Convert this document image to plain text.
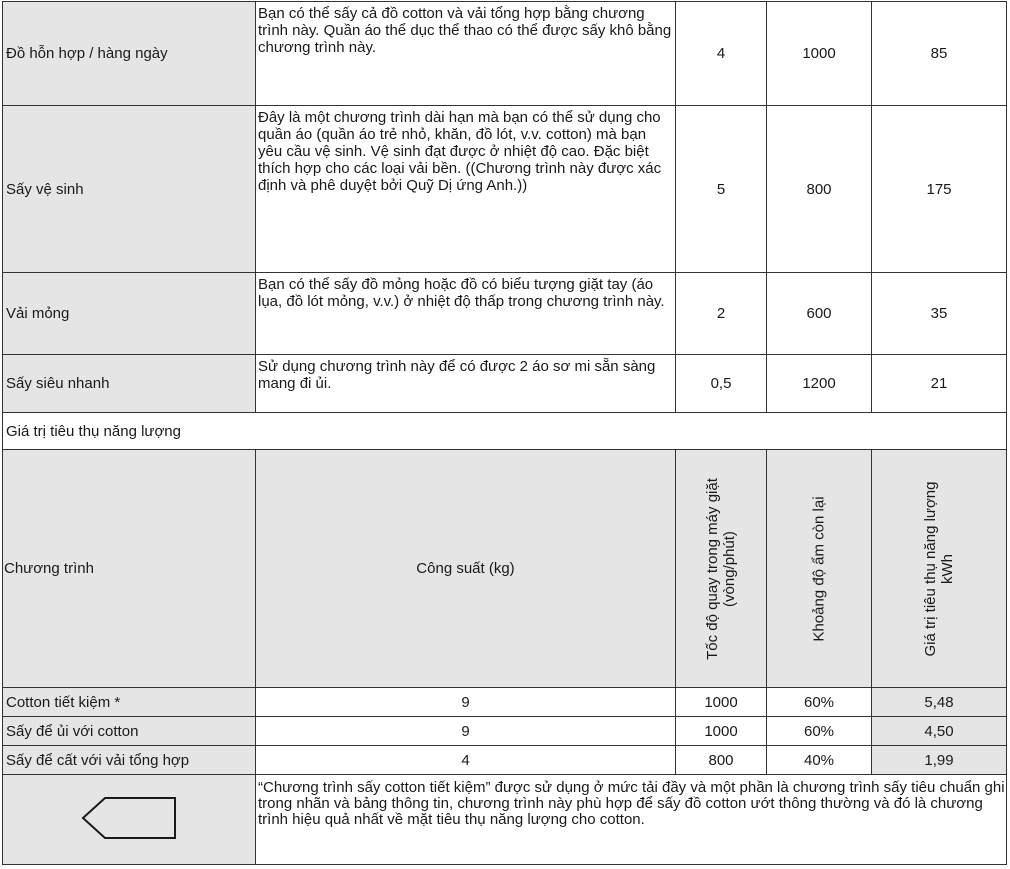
Đồ hỗn hợp / hàng ngày	Bạn có thể sấy cả đồ cotton và vải tổng hợp bằng chương trình này. Quần áo thể dục thể thao có thể được sấy khô bằng chương trình này.	4	1000	85
Sấy vệ sinh	Đây là một chương trình dài hạn mà bạn có thể sử dụng cho quần áo (quần áo trẻ nhỏ, khăn, đồ lót, v.v. cotton) mà bạn yêu cầu vệ sinh. Vệ sinh đạt được ở nhiệt độ cao. Đặc biệt thích hợp cho các loại vải bền. ((Chương trình này được xác định và phê duyệt bởi Quỹ Dị ứng Anh.))	5	800	175
Vải mỏng	Bạn có thể sấy đồ mỏng hoặc đồ có biểu tượng giặt tay (áo lụa, đồ lót mỏng, v.v.) ở nhiệt độ thấp trong chương trình này.	2	600	35
Sấy siêu nhanh	Sử dụng chương trình này để có được 2 áo sơ mi sẵn sàng mang đi ủi.	0,5	1200	21
Giá trị tiêu thụ năng lượng				
Chương trình	Công suất (kg)	Tốc độ quay trong máy giặt (vòng/phút)	Khoảng độ ẩm còn lại	Giá trị tiêu thụ năng lượng kWh

Cotton tiết kiệm *	9	1000	60%	5,48
Sấy để ủi với cotton	9	1000	60%	4,50
Sấy để cất với vải tổng hợp	4	800	40%	1,99
	“Chương trình sấy cotton tiết kiệm” được sử dụng ở mức tải đầy và một phần là chương trình sấy tiêu chuẩn ghi trong nhãn và bảng thông tin, chương trình này phù hợp để sấy đồ cotton ướt thông thường và đó là chương trình hiệu quả nhất về mặt tiêu thụ năng lượng cho cotton.			
